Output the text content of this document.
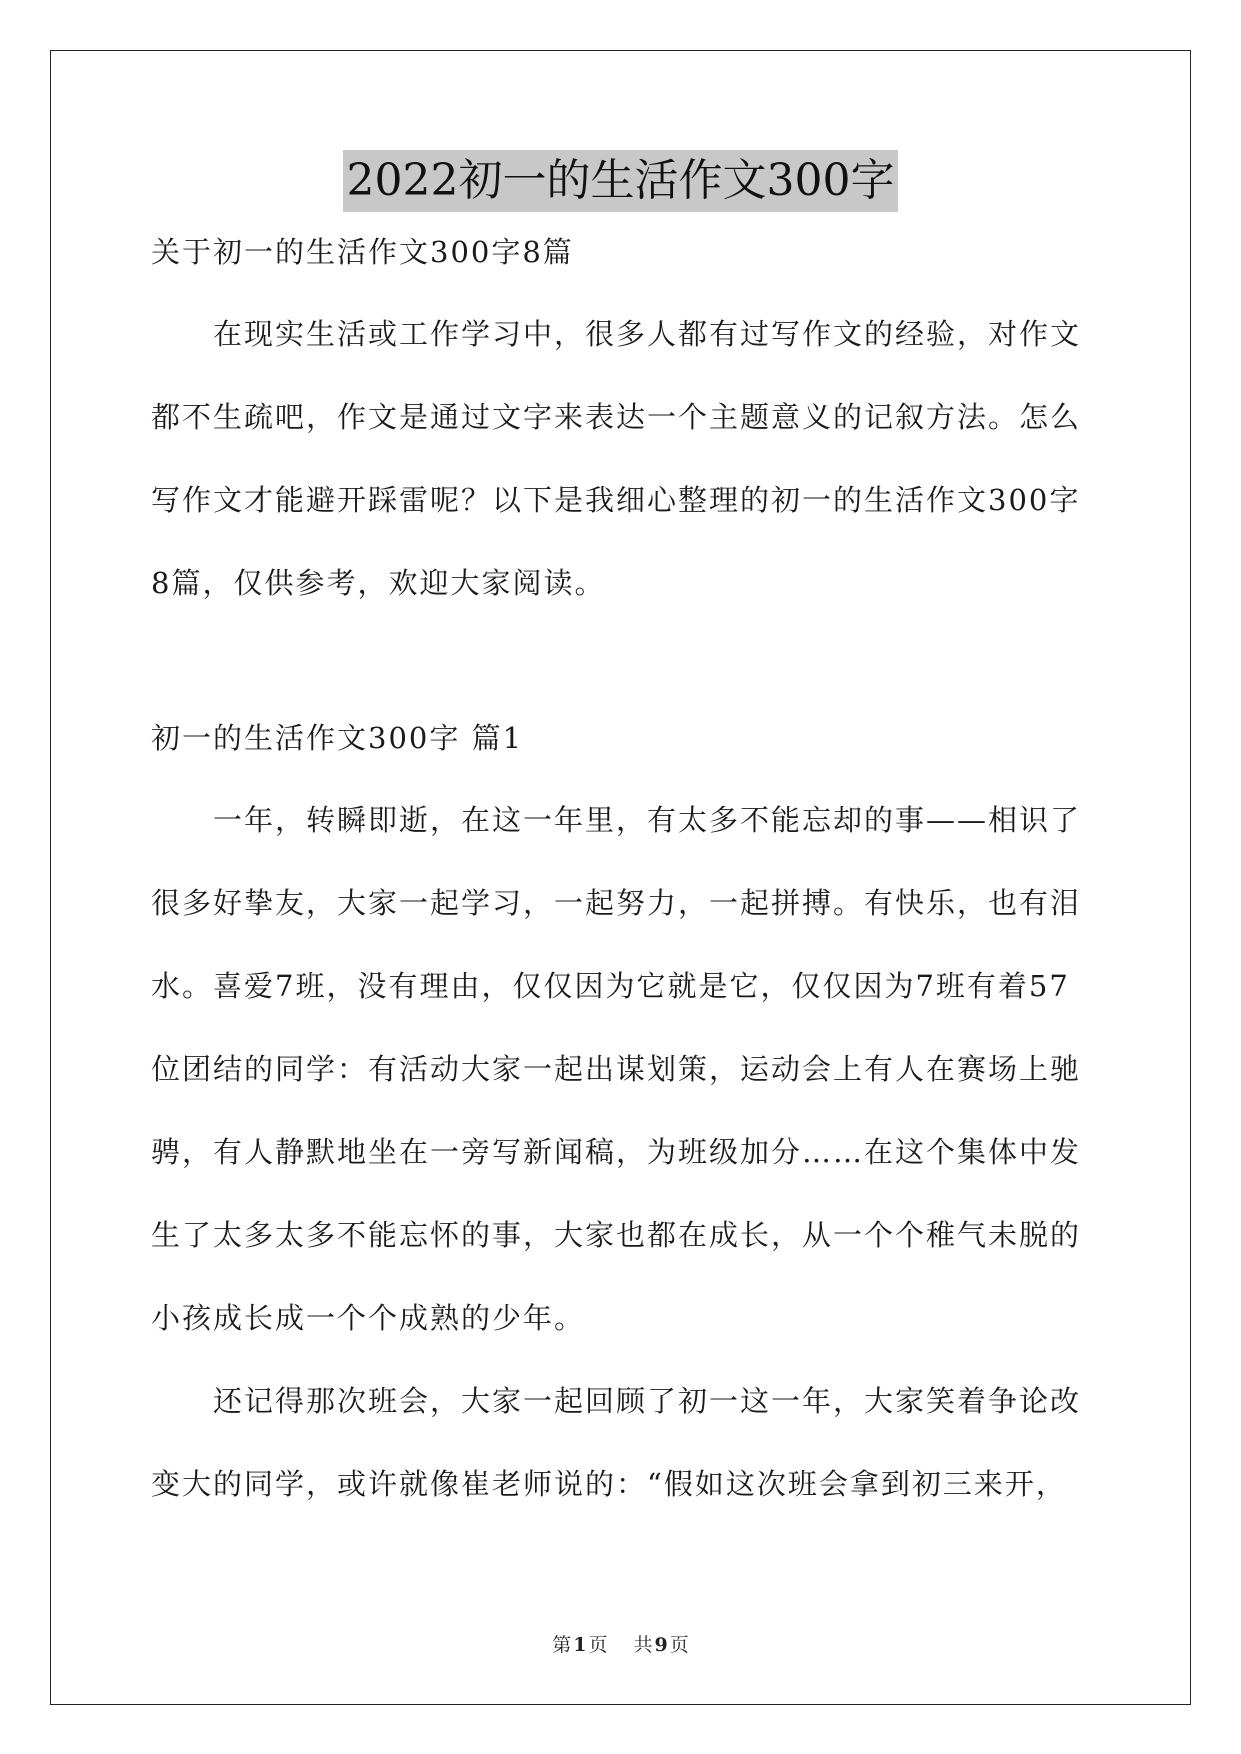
2022初一的生活作文300字
关于初一的生活作文300字8篇
在现实生活或工作学习中，很多人都有过写作文的经验，对作文
都不生疏吧，作文是通过文字来表达一个主题意义的记叙方法。怎么
写作文才能避开踩雷呢？以下是我细心整理的初一的生活作文300字
8篇，仅供参考，欢迎大家阅读。
初一的生活作文300字 篇1
一年，转瞬即逝，在这一年里，有太多不能忘却的事——相识了
很多好挚友，大家一起学习，一起努力，一起拼搏。有快乐，也有泪
水。喜爱7班，没有理由，仅仅因为它就是它，仅仅因为7班有着57
位团结的同学：有活动大家一起出谋划策，运动会上有人在赛场上驰
骋，有人静默地坐在一旁写新闻稿，为班级加分……在这个集体中发
生了太多太多不能忘怀的事，大家也都在成长，从一个个稚气未脱的
小孩成长成一个个成熟的少年。
还记得那次班会，大家一起回顾了初一这一年，大家笑着争论改
变大的同学，或许就像崔老师说的：“假如这次班会拿到初三来开，
第 1 页 共 9 页
